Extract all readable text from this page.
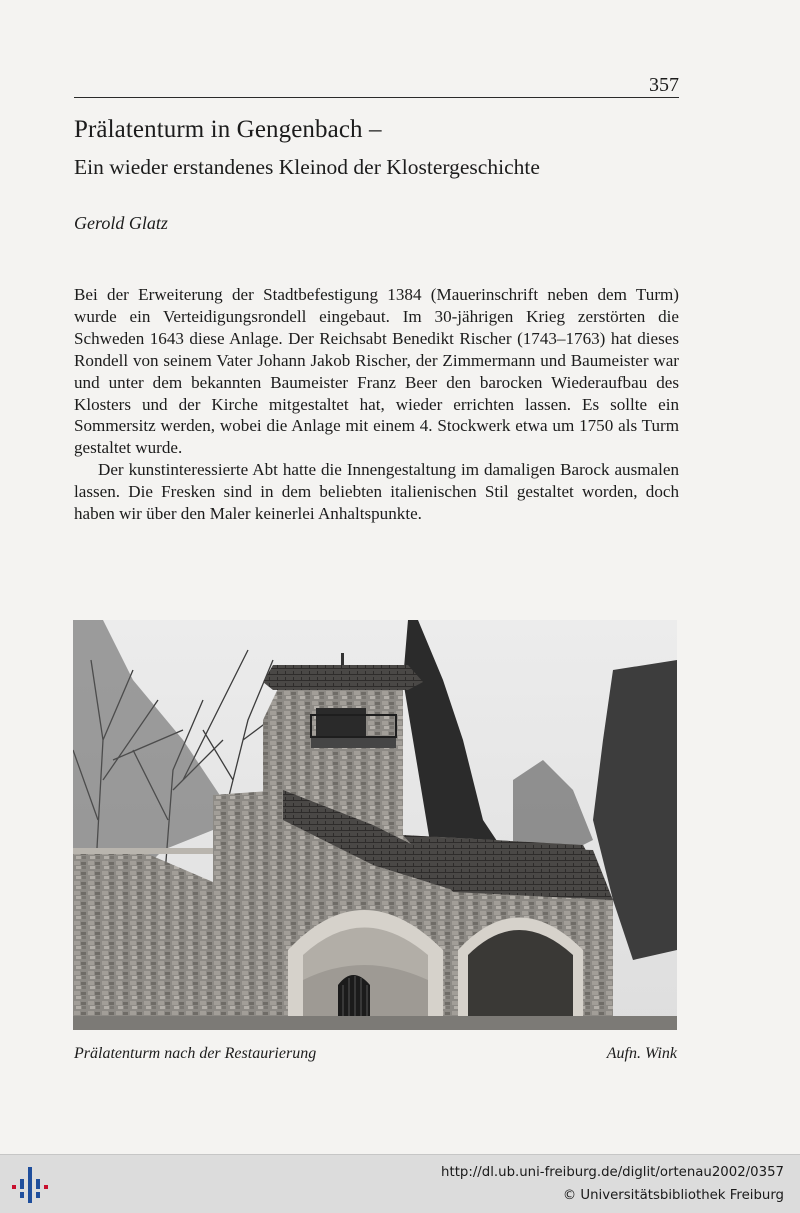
357
Prälatenturm in Gengenbach –
Ein wieder erstandenes Kleinod der Klostergeschichte
Gerold Glatz

Bei der Erweiterung der Stadtbefestigung 1384 (Mauerinschrift neben dem Turm) wurde ein Verteidigungsrondell eingebaut. Im 30-jährigen Krieg zerstörten die Schweden 1643 diese Anlage. Der Reichsabt Benedikt Rischer (1743–1763) hat dieses Rondell von seinem Vater Johann Jakob Rischer, der Zimmermann und Baumeister war und unter dem bekannten Baumeister Franz Beer den barocken Wiederaufbau des Klosters und der Kirche mitgestaltet hat, wieder errichten lassen. Es sollte ein Sommersitz werden, wobei die Anlage mit einem 4. Stockwerk etwa um 1750 als Turm gestaltet wurde.

Der kunstinteressierte Abt hatte die Innengestaltung im damaligen Barock ausmalen lassen. Die Fresken sind in dem beliebten italienischen Stil gestaltet worden, doch haben wir über den Maler keinerlei Anhaltspunkte.

Prälatenturm nach der Restaurierung	Aufn. Wink
http://dl.ub.uni-freiburg.de/diglit/ortenau2002/0357
© Universitätsbibliothek Freiburg
